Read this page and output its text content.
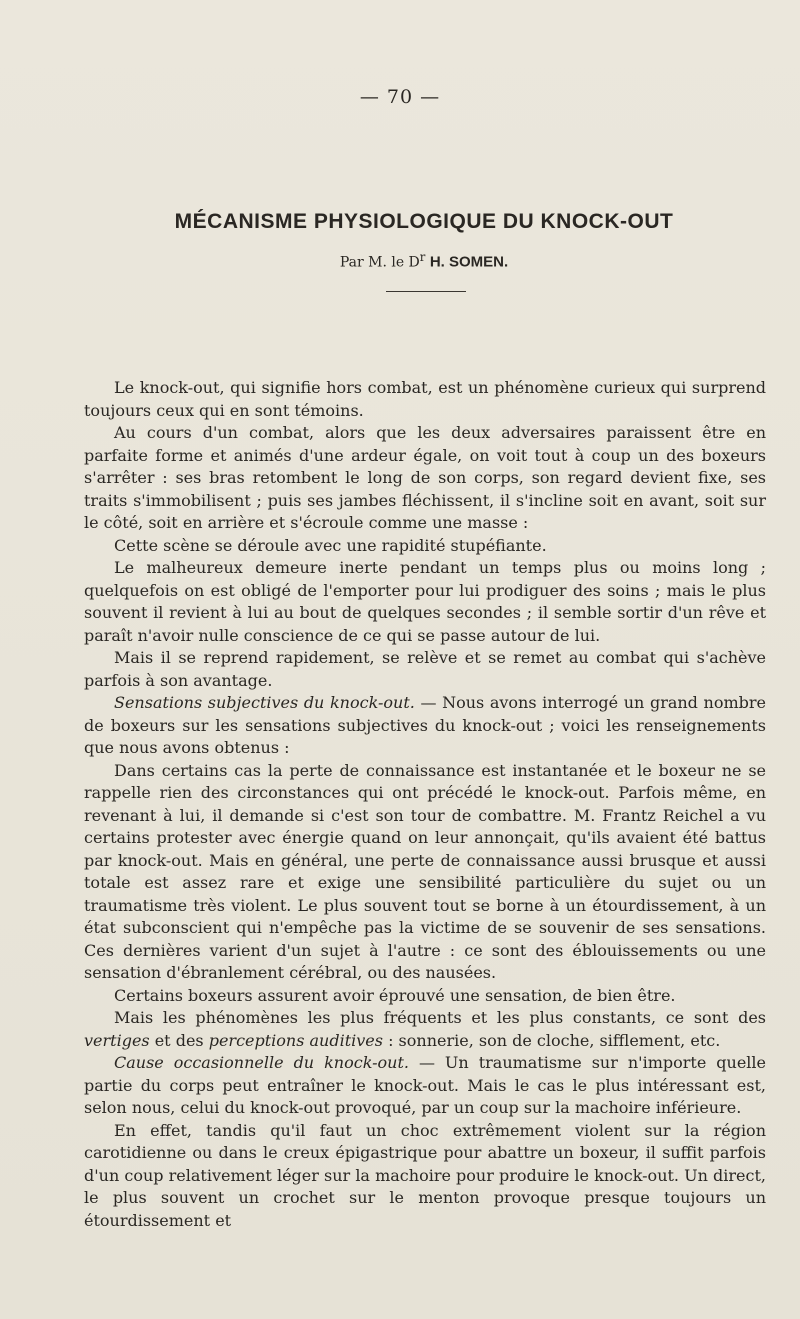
— 70 —
MÉCANISME PHYSIOLOGIQUE DU KNOCK-OUT
Par M. le $D^r$ H. SOMEN.

Le knock-out, qui signifie hors combat, est un phénomène curieux qui surprend toujours ceux qui en sont témoins.

Au cours d'un combat, alors que les deux adversaires paraissent être en parfaite forme et animés d'une ardeur égale, on voit tout à coup un des boxeurs s'arrêter : ses bras retombent le long de son corps, son regard devient fixe, ses traits s'immobilisent ; puis ses jambes fléchissent, il s'incline soit en avant, soit sur le côté, soit en arrière et s'écroule comme une masse :

Cette scène se déroule avec une rapidité stupéfiante.

Le malheureux demeure inerte pendant un temps plus ou moins long ; quelquefois on est obligé de l'emporter pour lui prodiguer des soins ; mais le plus souvent il revient à lui au bout de quelques secondes ; il semble sortir d'un rêve et paraît n'avoir nulle conscience de ce qui se passe autour de lui.

Mais il se reprend rapidement, se relève et se remet au combat qui s'achève parfois à son avantage.

Sensations subjectives du knock-out. — Nous avons interrogé un grand nombre de boxeurs sur les sensations subjectives du knock-out ; voici les renseignements que nous avons obtenus :

Dans certains cas la perte de connaissance est instantanée et le boxeur ne se rappelle rien des circonstances qui ont précédé le knock-out. Parfois même, en revenant à lui, il demande si c'est son tour de combattre. M. Frantz Reichel a vu certains protester avec énergie quand on leur annonçait, qu'ils avaient été battus par knock-out. Mais en général, une perte de connaissance aussi brusque et aussi totale est assez rare et exige une sensibilité particulière du sujet ou un traumatisme très violent. Le plus souvent tout se borne à un étourdissement, à un état subconscient qui n'empêche pas la victime de se souvenir de ses sensations. Ces dernières varient d'un sujet à l'autre : ce sont des éblouissements ou une sensation d'ébranlement cérébral, ou des nausées.

Certains boxeurs assurent avoir éprouvé une sensation, de bien être.

Mais les phénomènes les plus fréquents et les plus constants, ce sont des vertiges et des perceptions auditives : sonnerie, son de cloche, sifflement, etc.

Cause occasionnelle du knock-out. — Un traumatisme sur n'importe quelle partie du corps peut entraîner le knock-out. Mais le cas le plus intéressant est, selon nous, celui du knock-out provoqué, par un coup sur la machoire inférieure.

En effet, tandis qu'il faut un choc extrêmement violent sur la région carotidienne ou dans le creux épigastrique pour abattre un boxeur, il suffit parfois d'un coup relativement léger sur la machoire pour produire le knock-out. Un direct, le plus souvent un crochet sur le menton provoque presque toujours un étourdissement et
